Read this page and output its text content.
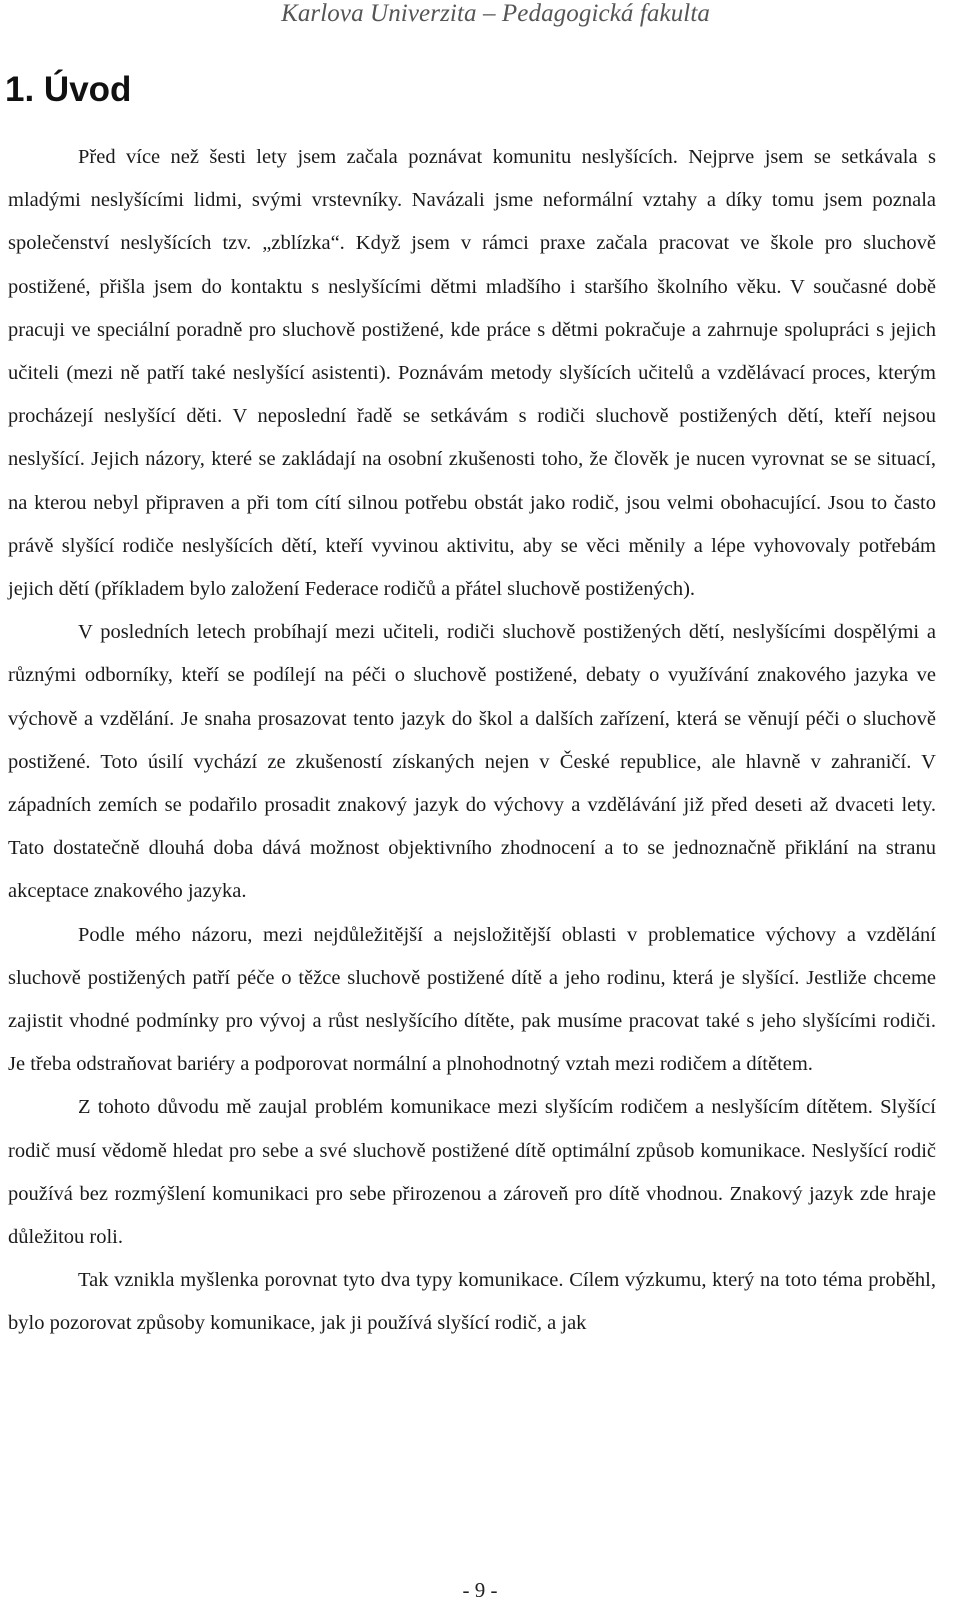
Karlova Univerzita – Pedagogická fakulta
1. Úvod

Před více než šesti lety jsem začala poznávat komunitu neslyšících. Nejprve jsem se setkávala s mladými neslyšícími lidmi, svými vrstevníky. Navázali jsme neformální vztahy a díky tomu jsem poznala společenství neslyšících tzv. „zblízka“. Když jsem v rámci praxe začala pracovat ve škole pro sluchově postižené, přišla jsem do kontaktu s neslyšícími dětmi mladšího i staršího školního věku. V současné době pracuji ve speciální poradně pro sluchově postižené, kde práce s dětmi pokračuje a zahrnuje spolupráci s jejich učiteli (mezi ně patří také neslyšící asistenti). Poznávám metody slyšících učitelů a vzdělávací proces, kterým procházejí neslyšící děti. V neposlední řadě se setkávám s rodiči sluchově postižených dětí, kteří nejsou neslyšící. Jejich názory, které se zakládají na osobní zkušenosti toho, že člověk je nucen vyrovnat se se situací, na kterou nebyl připraven a při tom cítí silnou potřebu obstát jako rodič, jsou velmi obohacující. Jsou to často právě slyšící rodiče neslyšících dětí, kteří vyvinou aktivitu, aby se věci měnily a lépe vyhovovaly potřebám jejich dětí (příkladem bylo založení Federace rodičů a přátel sluchově postižených).

V posledních letech probíhají mezi učiteli, rodiči sluchově postižených dětí, neslyšícími dospělými a různými odborníky, kteří se podílejí na péči o sluchově postižené, debaty o využívání znakového jazyka ve výchově a vzdělání. Je snaha prosazovat tento jazyk do škol a dalších zařízení, která se věnují péči o sluchově postižené. Toto úsilí vychází ze zkušeností získaných nejen v České republice, ale hlavně v zahraničí. V západních zemích se podařilo prosadit znakový jazyk do výchovy a vzdělávání již před deseti až dvaceti lety. Tato dostatečně dlouhá doba dává možnost objektivního zhodnocení a to se jednoznačně přiklání na stranu akceptace znakového jazyka.

Podle mého názoru, mezi nejdůležitější a nejsložitější oblasti v problematice výchovy a vzdělání sluchově postižených patří péče o těžce sluchově postižené dítě a jeho rodinu, která je slyšící. Jestliže chceme zajistit vhodné podmínky pro vývoj a růst neslyšícího dítěte, pak musíme pracovat také s jeho slyšícími rodiči. Je třeba odstraňovat bariéry a podporovat normální a plnohodnotný vztah mezi rodičem a dítětem.

Z tohoto důvodu mě zaujal problém komunikace mezi slyšícím rodičem a neslyšícím dítětem. Slyšící rodič musí vědomě hledat pro sebe a své sluchově postižené dítě optimální způsob komunikace. Neslyšící rodič používá bez rozmýšlení komunikaci pro sebe přirozenou a zároveň pro dítě vhodnou. Znakový jazyk zde hraje důležitou roli.

Tak vznikla myšlenka porovnat tyto dva typy komunikace. Cílem výzkumu, který na toto téma proběhl, bylo pozorovat způsoby komunikace, jak ji používá slyšící rodič, a jak

- 9 -
